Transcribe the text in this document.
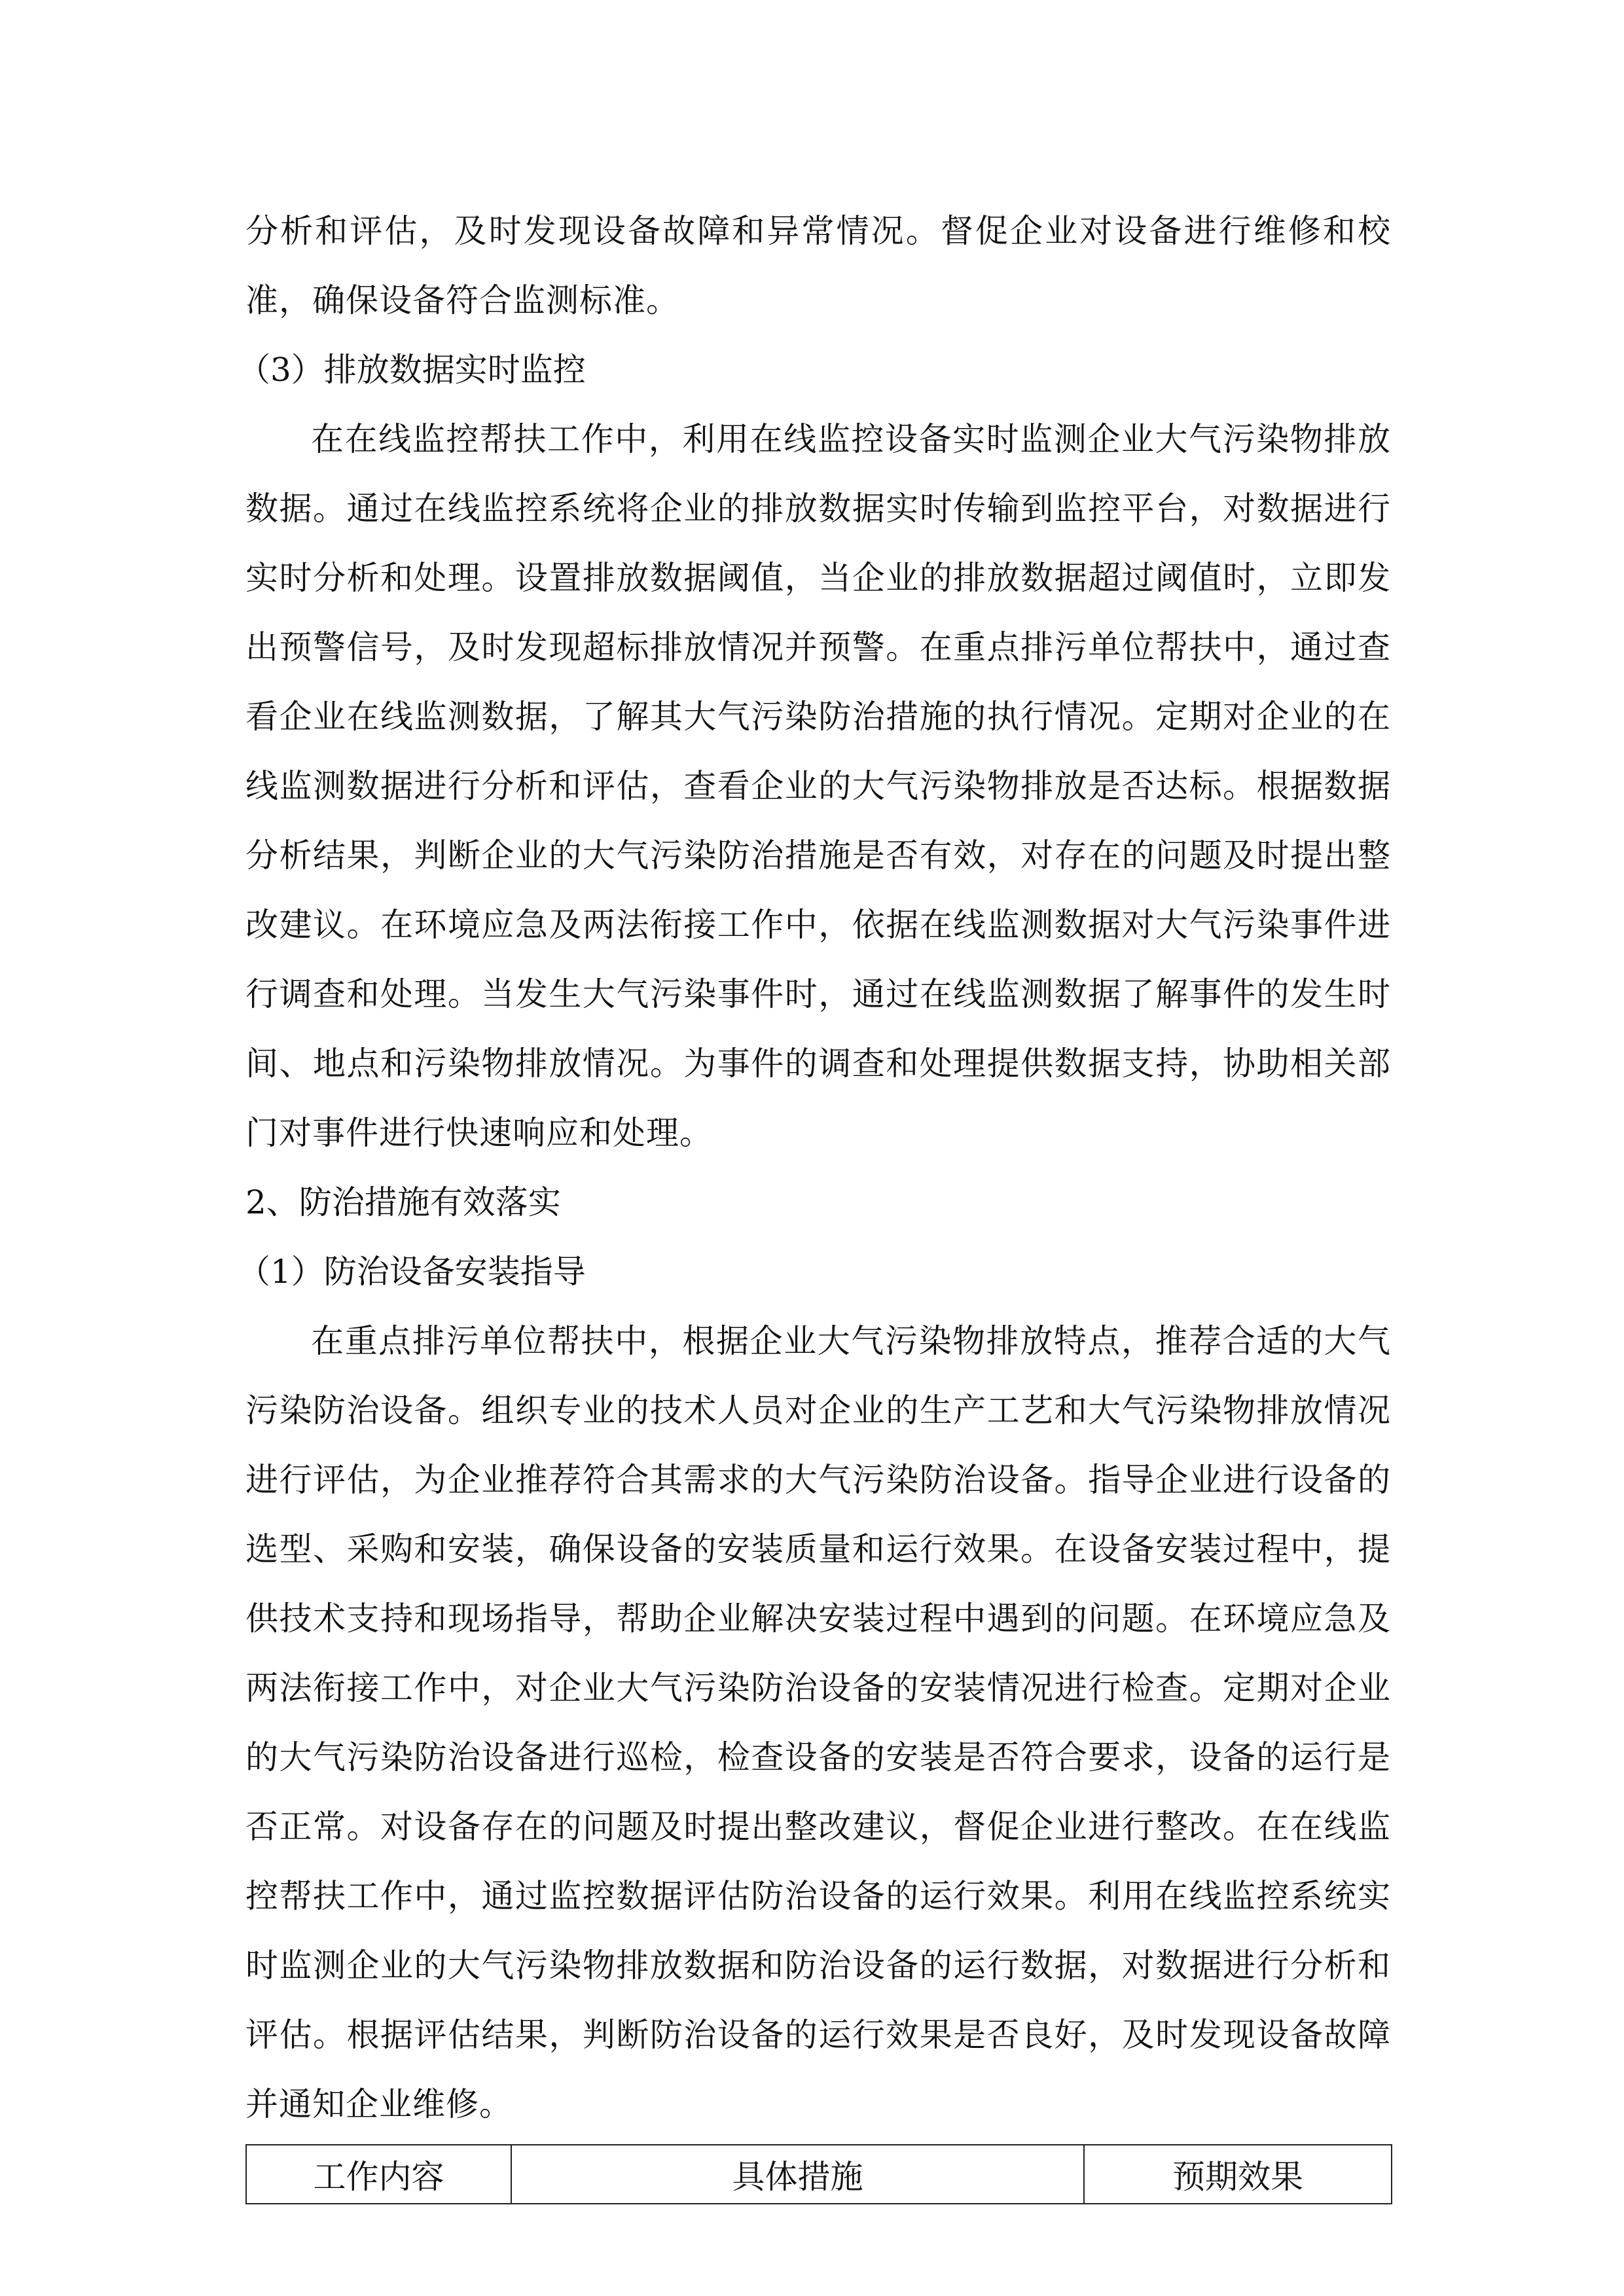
分析和评估，及时发现设备故障和异常情况。督促企业对设备进行维修和校

准，确保设备符合监测标准。

（3）排放数据实时监控

在在线监控帮扶工作中，利用在线监控设备实时监测企业大气污染物排放

数据。通过在线监控系统将企业的排放数据实时传输到监控平台，对数据进行

实时分析和处理。设置排放数据阈值，当企业的排放数据超过阈值时，立即发

出预警信号，及时发现超标排放情况并预警。在重点排污单位帮扶中，通过查

看企业在线监测数据，了解其大气污染防治措施的执行情况。定期对企业的在

线监测数据进行分析和评估，查看企业的大气污染物排放是否达标。根据数据

分析结果，判断企业的大气污染防治措施是否有效，对存在的问题及时提出整

改建议。在环境应急及两法衔接工作中，依据在线监测数据对大气污染事件进

行调查和处理。当发生大气污染事件时，通过在线监测数据了解事件的发生时

间、地点和污染物排放情况。为事件的调查和处理提供数据支持，协助相关部

门对事件进行快速响应和处理。

2、防治措施有效落实
（1）防治设备安装指导

在重点排污单位帮扶中，根据企业大气污染物排放特点，推荐合适的大气

污染防治设备。组织专业的技术人员对企业的生产工艺和大气污染物排放情况

进行评估，为企业推荐符合其需求的大气污染防治设备。指导企业进行设备的

选型、采购和安装，确保设备的安装质量和运行效果。在设备安装过程中，提

供技术支持和现场指导，帮助企业解决安装过程中遇到的问题。在环境应急及

两法衔接工作中，对企业大气污染防治设备的安装情况进行检查。定期对企业

的大气污染防治设备进行巡检，检查设备的安装是否符合要求，设备的运行是

否正常。对设备存在的问题及时提出整改建议，督促企业进行整改。在在线监

控帮扶工作中，通过监控数据评估防治设备的运行效果。利用在线监控系统实

时监测企业的大气污染物排放数据和防治设备的运行数据，对数据进行分析和

评估。根据评估结果，判断防治设备的运行效果是否良好，及时发现设备故障

并通知企业维修。

工作内容	具体措施	预期效果
